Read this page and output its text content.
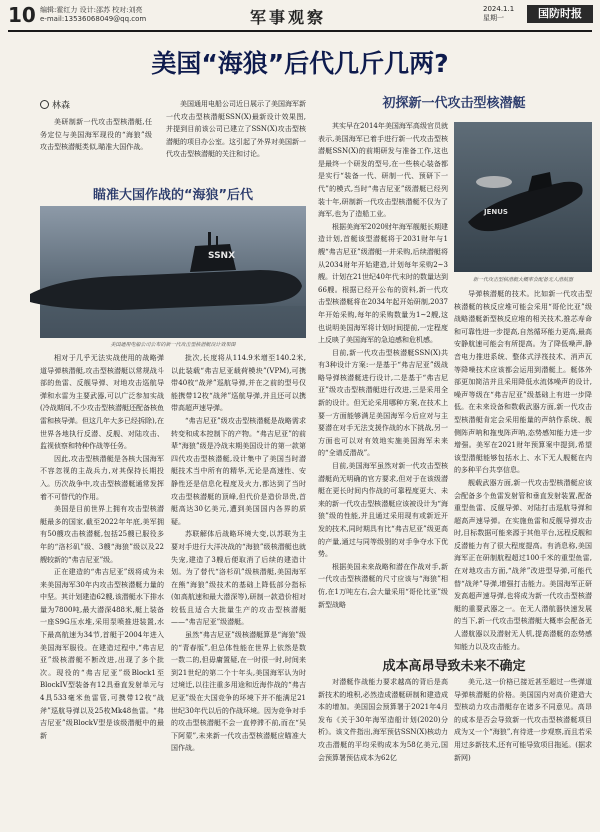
10 编辑:霍红力 设计:邵苏 校对:刘亮
e-mail:13536068049@qq.com	军事观察	2024.1.1
星期一	国防时报
美国“海狼”后代几斤几两?
林森
美研制新一代攻击型核潜艇,任务定位与美国海军现役的“海狼”级攻击型核潜艇类似,瞄准大国作战。
美国通用电船公司近日展示了美国海军新一代攻击型核潜艇SSN(X)最新设计效果图,并提到目前该公司已建立了SSN(X)攻击型核潜艇的项目办公室。这引起了外界对美国新一代攻击型核潜艇的关注和讨论。
瞄准大国作战的“海狼”后代
SSNX
美国通用电船公司公布的新一代攻击型核潜艇设计效果图

相对于几乎无法实战使用的战略弹道导弹核潜艇,攻击型核潜艇以常规战斗部的鱼雷、反舰导弹、对地攻击巡航导弹和水雷为主要武器,可以广泛参加实战(冷战期间,不少攻击型核潜艇还配备核鱼雷和核导弹。但这几年大多已经拆除),在世界各地执行反潜、反舰、对陆攻击、监视侦察和特种作战等任务。

因此,攻击型核潜艇是各核大国海军不容忽视的主战兵力,对其保持长期投入。历次战争中,攻击型核潜艇通常发挥着不可替代的作用。

美国是目前世界上拥有攻击型核潜艇最多的国家,截至2022年年底,美军拥有50艘攻击核潜艇,包括25艘已服役多年的“洛杉矶”级、3艘“海狼”级以及22艘较新的“弗吉尼亚”级。

正在建造的“弗吉尼亚”级将成为未来美国海军30年内攻击型核潜艇力量的中坚。其计划建造62艘,该潜艇水下排水量为7800吨,最大潜深488米,艇上装备一座S9G压水堆,采用泵喷推进装置,水下最高航速为34节,首艇于2004年进入美国海军服役。在建造过程中,“弗吉尼亚”级核潜艇不断改进,出现了多个批次。现役的“弗吉尼亚”级Block1至BlockIV型装备有12具垂直发射单元与4具533毫米鱼雷管,可携带12枚“战斧”巡航导弹以及25枚Mk48鱼雷。“弗吉尼亚”级BlockV型是该级潜艇中的最新

批次,长度将从114.9米增至140.2米,以此装载“弗吉尼亚载荷模块”(VPM),可携带40枚“战斧”巡航导弹,并在之前的型号仅能携带12枚“战斧”巡航导弹,并且还可以携带高超声速导弹。

“弗吉尼亚”级攻击型核潜艇是战略需求转变和成本控制下的产物。“弗吉尼亚”的前辈“海狼”级是冷战末期美国设计的第一款第四代攻击型核潜艇,设计集中了美国当时潜艇技术当中所有的精华,无论是高速性、安静性还是信息化程度及火力,都达到了当时攻击型核潜艇的顶峰,但代价是造价昂贵,首艇高达30亿美元,遭到美国国内各界的质疑。

苏联解体后战略环境大变,以苏联为主要对手进行大洋决战的“海狼”级核潜艇也就失宠,建造了3艘后便取消了后续的建造计划。为了替代“洛杉矶”级核潜艇,美国海军在熊“海狼”级技术的基础上降低部分指标(如高航速和最大潜深等),研制一款造价相对较低且适合大批量生产的攻击型核潜艇——“弗吉尼亚”级潜艇。

虽然“弗吉尼亚”级核潜艇算是“海狼”级的“青春版”,但总体性能在世界上依然是数一数二的,但毋庸置疑,在一时很一时,时间来到21世纪的第二个十年头,美国海军认为时过境迁,以往注重多用途和近海作战的“弗吉尼亚”级在大国竞争的环境下并不能满足21世纪30年代以后的作战环境。因为竞争对手的攻击型核潜艇不会一直停滞不前,而在“吴下阿蒙”,未来新一代攻击型核潜艇应瞄准大国作战。

初探新一代攻击型核潜艇

其实早在2014年美国海军高级官员就表示,美国海军已着手进行新一代攻击型核潜艇SSN(X)的前期研发与准备工作,这也是最终一个研发的型号,在一些核心装备都是实行“装备一代、研制一代、预研下一代”的模式,当时“弗吉尼亚”级潜艇已经列装十年,研制新一代攻击型核潜艇不仅为了海军,也为了造船工业。

根据美海军2020财年海军舰艇长期建造计划,首艇该型潜艇将于2031财年与1艘“弗吉尼亚”级潜艇一并采购,后续潜艇将从2034财年开始建造,计划每年采购2~3艘。计划在21世纪40年代末时的数量达到66艘。根据已经开公布的资料,新一代攻击型核潜艇将在2034年起开始研制,2037年开始采购,每年的采购数量为1~2艘,这也说明美国海军将计划时间提前,一定程度上反映了美国海军的急迫感和危机感。

目前,新一代攻击型核潜艇SSN(X)共有3种设计方案:一是基于“弗吉尼亚”级战略导弹核潜艇进行设计,二是基于“弗吉尼亚”级攻击型核潜艇进行改进,三是采用全新的设计。但无论采用哪种方案,在技术上要一方面能够满足美国海军今后应对与主要潜在对手无法支援作战的水下挑战,另一方面也可以对有效地实施美国海军未来的“全谱反潜战”。

目前,美国海军虽然对新一代攻击型核潜艇尚无明确的官方要求,但对于在该级潜艇在更长时间内作战的可靠程度更大、未来的新一代攻击型核潜艇应该被设计为“海狼”级的性能,并且通过采用现有或新近开发的技术,同时期具有比“弗吉尼亚”级更高的产量,通过与同等级别的对手争夺水下优势。

根据美国未来战略和潜在作战对手,新一代攻击型核潜艇的尺寸应该与“海狼”相仿,在1万吨左右,会大量采用“哥伦比亚”级新型战略

JENUS
新一代攻击型核潜艇大概率会配备无人潜航器

导弹核潜艇的技术。比如新一代攻击型核潜艇的核反应堆可能会采用“哥伦比亚”级战略潜艇新型核反应堆的相关技术,推芯寿命和可靠性进一步提高,自然循环能力更高,最高安静航速可能会有所提高。为了降低噪声,静音电力推进系统、整体式浮筏技术、消声瓦等降噪技术应该都会运用到潜艇上。艇体外部更加简洁并且采用降低水流体噪声的设计,噪声等级在“弗吉尼亚”级基础上有进一步降低。在未来设备和数载武器方面,新一代攻击型核潜艇肯定会采用能量的声纳作系统、舰侧阵声呐和拖曳阵声呐,态势感知能力进一步增强。美军在2021财年预算案中提到,希望该型潜艇能够包括水上、水下无人舰艇在内的多种平台共享信息。

舰载武器方面,新一代攻击型核潜艇应该会配备多个鱼雷发射管和垂直发射装置,配备重型鱼雷、反舰导弹、对陆打击巡航导弹和超高声速导弹。在实施鱼雷和反舰导弹攻击时,目标数据可能来源于其他平台,远程反舰和反潜能力有了很大程度提高。有消息称,美国海军正在研制航程超过100千米的重型鱼雷,在对地攻击方面,“战斧”改进型导弹,可能代替“战斧”导弹,增强打击能力。美国海军正研发高超声速导弹,也将成为新一代攻击型核潜艇的重要武器之一。在无人潜航器快速发展的当下,新一代攻击型核潜艇大概率会配备无人潜航器以及潜射无人机,提高潜艇的态势感知能力以及攻击能力。

成本高昂导致未来不确定

对潜艇作战能力要求越高的背后是高新技术的堆积,必然造成潜艇研制和建造成本的增加。美国国会预算署于2021年4月发布《关于30年海军造船计划(2020)分析》。该文件指出,海军预估SSN(X)核动力攻击潜艇的平均采购成本为58亿美元,国会预算署预估成本为62亿

美元,这一价格已接近甚至超过一些弹道导弹核潜艇的价格。美国国内对高价建造大型核动力攻击潜艇存在诸多不同意见。高昂的成本是否会导致新一代攻击型核潜艇项目成为又一个“海狼”,有待进一步观察,而且若采用过多新技术,还有可能导致项目拖延。(据求新网)
